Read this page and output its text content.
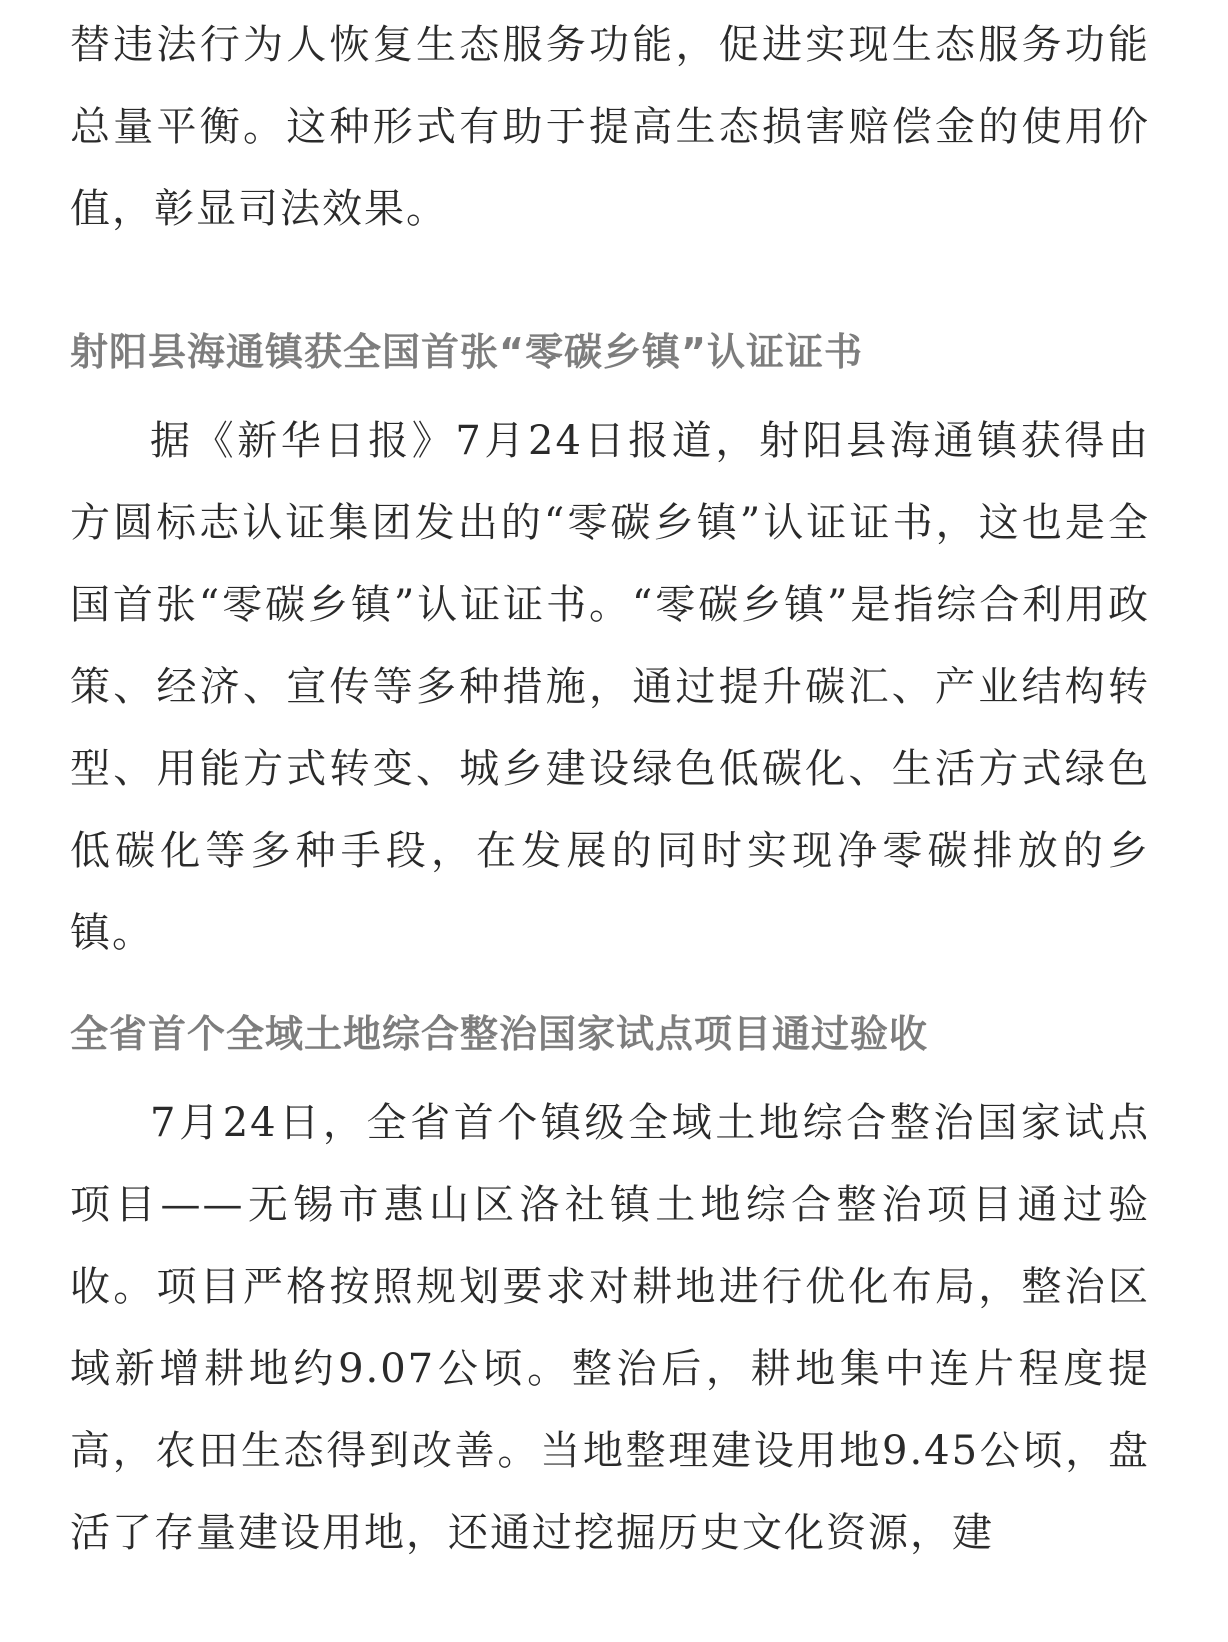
替违法行为人恢复生态服务功能，促进实现生态服务功能总量平衡。这种形式有助于提高生态损害赔偿金的使用价值，彰显司法效果。

射阳县海通镇获全国首张“零碳乡镇”认证证书

据《新华日报》7月24日报道，射阳县海通镇获得由方圆标志认证集团发出的“零碳乡镇”认证证书，这也是全国首张“零碳乡镇”认证证书。“零碳乡镇”是指综合利用政策、经济、宣传等多种措施，通过提升碳汇、产业结构转型、用能方式转变、城乡建设绿色低碳化、生活方式绿色低碳化等多种手段，在发展的同时实现净零碳排放的乡镇。

全省首个全域土地综合整治国家试点项目通过验收

7月24日，全省首个镇级全域土地综合整治国家试点项目——无锡市惠山区洛社镇土地综合整治项目通过验收。项目严格按照规划要求对耕地进行优化布局，整治区域新增耕地约9.07公顷。整治后，耕地集中连片程度提高，农田生态得到改善。当地整理建设用地9.45公顷，盘活了存量建设用地，还通过挖掘历史文化资源，建
